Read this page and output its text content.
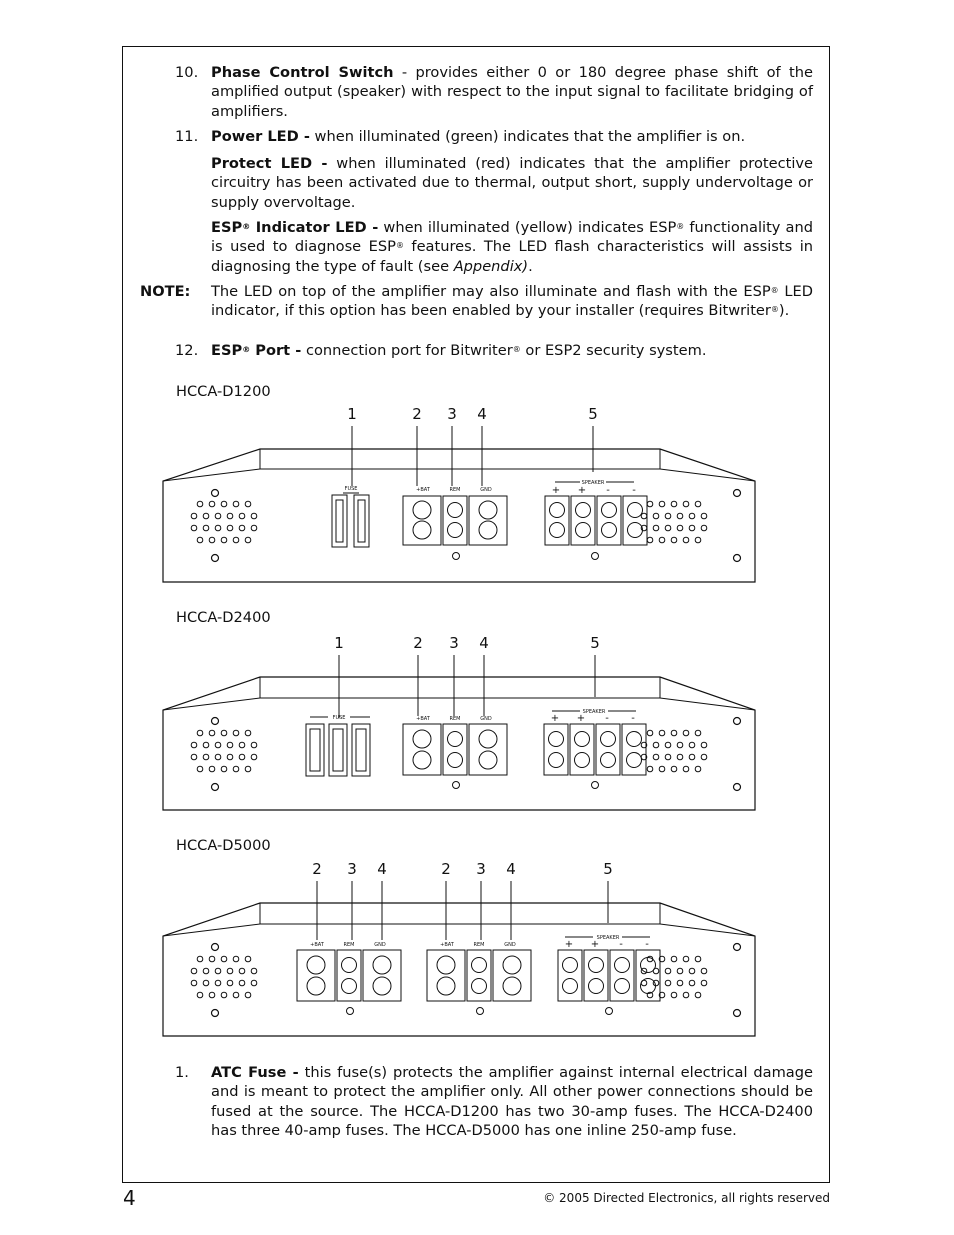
10. Phase Control Switch - provides either 0 or 180 degree phase shift of the amplified output (speaker) with respect to the input signal to facilitate bridging of amplifiers.
11. Power LED - when illuminated (green) indicates that the amplifier is on.
Protect LED - when illuminated (red) indicates that the amplifier protective circuitry has been activated due to thermal, output short, supply undervoltage or supply overvoltage.
ESP® Indicator LED - when illuminated (yellow) indicates ESP® functionality and is used to diagnose ESP® features. The LED flash characteristics will assists in diagnosing the type of fault (see Appendix).
NOTE: The LED on top of the amplifier may also illuminate and flash with the ESP® LED indicator, if this option has been enabled by your installer (requires Bitwriter®).
12. ESP® Port - connection port for Bitwriter® or ESP2 security system.
HCCA-D1200
1	2 3 4	5
FUSE	+BAT	REM	GND
SPEAKER
+ + - -
HCCA-D2400
1	2 3 4	5
FUSE	+BAT	REM	GND
SPEAKER
+ + - -
HCCA-D5000
2 3 4	2 3 4	5
+BAT	REM	GND	+BAT	REM	GND
SPEAKER
+ + - -
1. ATC Fuse - this fuse(s) protects the amplifier against internal electrical damage and is meant to protect the amplifier only. All other power connections should be fused at the source. The HCCA-D1200 has two 30-amp fuses. The HCCA-D2400 has three 40-amp fuses. The HCCA-D5000 has one inline 250-amp fuse.
4	© 2005 Directed Electronics, all rights reserved
